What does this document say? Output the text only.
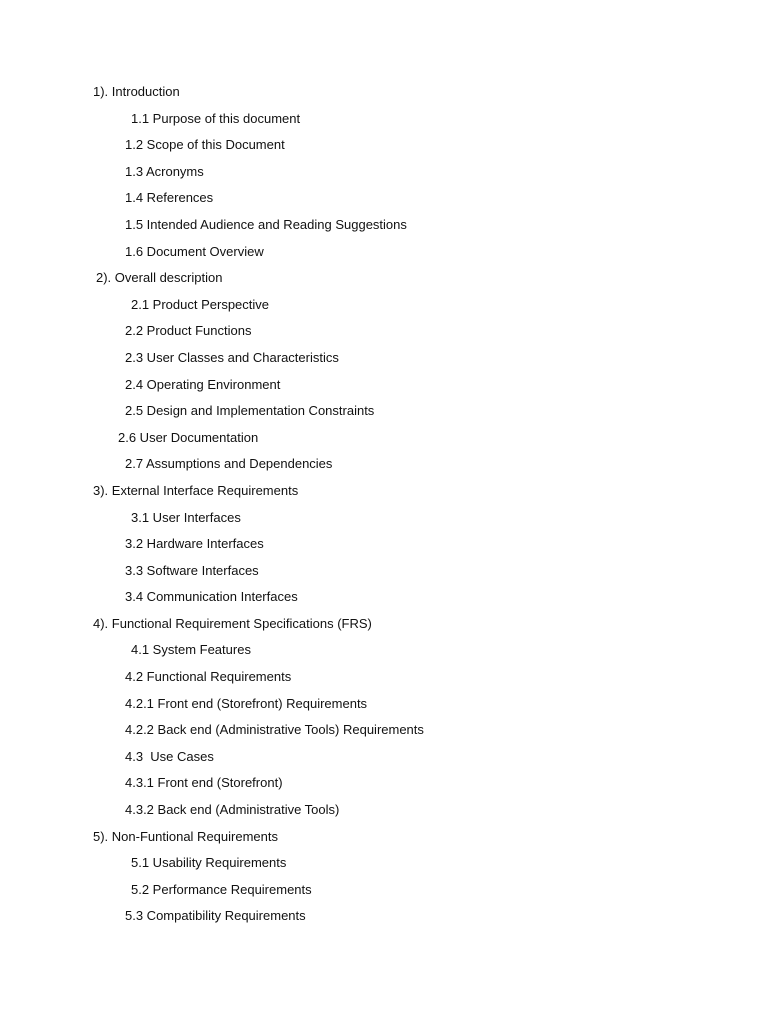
1). Introduction
1.1 Purpose of this document
1.2 Scope of this Document
1.3 Acronyms
1.4 References
1.5 Intended Audience and Reading Suggestions
1.6 Document Overview
2). Overall description
2.1 Product Perspective
2.2 Product Functions
2.3 User Classes and Characteristics
2.4 Operating Environment
2.5 Design and Implementation Constraints
2.6 User Documentation
2.7 Assumptions and Dependencies
3). External Interface Requirements
3.1 User Interfaces
3.2 Hardware Interfaces
3.3 Software Interfaces
3.4 Communication Interfaces
4). Functional Requirement Specifications (FRS)
4.1 System Features
4.2 Functional Requirements
4.2.1 Front end (Storefront) Requirements
4.2.2 Back end (Administrative Tools) Requirements
4.3  Use Cases
4.3.1 Front end (Storefront)
4.3.2 Back end (Administrative Tools)
5). Non-Funtional Requirements
5.1 Usability Requirements
5.2 Performance Requirements
5.3 Compatibility Requirements
